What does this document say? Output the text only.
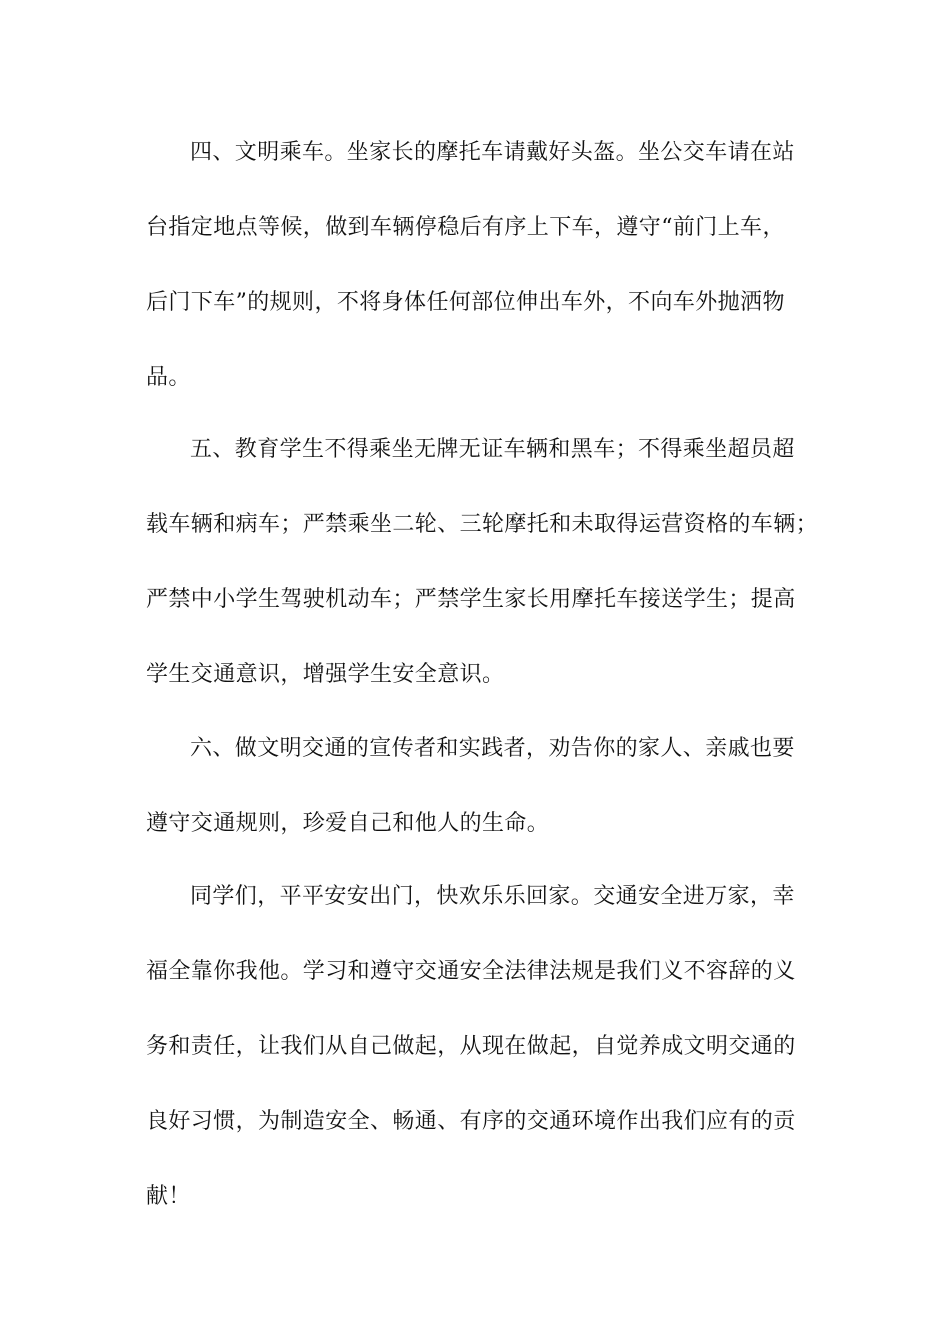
四、文明乘车。坐家长的摩托车请戴好头盔。坐公交车请在站
台指定地点等候，做到车辆停稳后有序上下车，遵守“前门上车，
后门下车”的规则，不将身体任何部位伸出车外，不向车外抛洒物
品。
五、教育学生不得乘坐无牌无证车辆和黑车；不得乘坐超员超
载车辆和病车；严禁乘坐二轮、三轮摩托和未取得运营资格的车辆；
严禁中小学生驾驶机动车；严禁学生家长用摩托车接送学生；提高
学生交通意识，增强学生安全意识。
六、做文明交通的宣传者和实践者，劝告你的家人、亲戚也要
遵守交通规则，珍爱自己和他人的生命。
同学们，平平安安出门，快欢乐乐回家。交通安全进万家，幸
福全靠你我他。学习和遵守交通安全法律法规是我们义不容辞的义
务和责任，让我们从自己做起，从现在做起，自觉养成文明交通的
良好习惯，为制造安全、畅通、有序的交通环境作出我们应有的贡
献！
